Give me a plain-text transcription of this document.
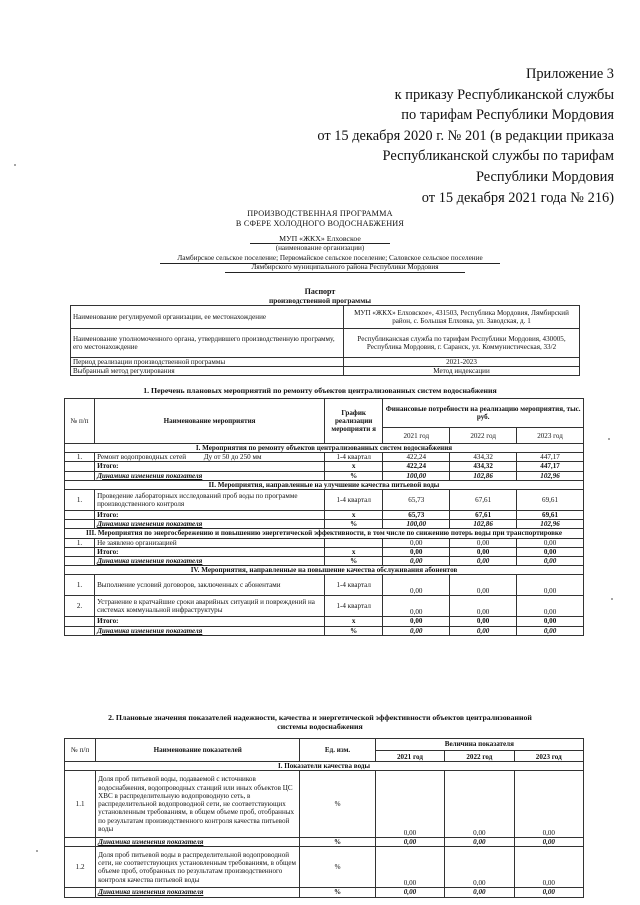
Приложение 3
к приказу Республиканской службы
по тарифам Республики Мордовия
от 15 декабря 2020 г. № 201 (в редакции приказа
Республиканской службы по тарифам
Республики Мордовия
от 15 декабря 2021 года № 216)
ПРОИЗВОДСТВЕННАЯ ПРОГРАММА
В СФЕРЕ ХОЛОДНОГО ВОДОСНАБЖЕНИЯ
МУП «ЖКХ» Елховское
(наименование организации)
Ламбирское сельское поселение; Первомайское сельское поселение; Саловское сельское поселение
Лямбирского муниципального района Республики Мордовия
Паспорт
производственной программы
Наименование регулируемой организации, ее местонахождение	МУП «ЖКХ» Елховское», 431503, Республика Мордовия, Лямбирский район, с. Большая Елховка, ул. Заводская, д. 1
Наименование уполномоченного органа, утвердившего производственную программу, его местонахождение	Республиканская служба по тарифам Республики Мордовия, 430005, Республика Мордовия, г. Саранск, ул. Коммунистическая, 33/2
Период реализации производственной программы	2021-2023
Выбранный метод регулирования	Метод индексации
1. Перечень плановых мероприятий по ремонту объектов централизованных систем водоснабжения
№ п/п	Наименование мероприятия	График реализации мероприяти я	Финансовые потребности на реализацию мероприятия, тыс. руб.		
			2021 год	2022 год	2023 год
I. Мероприятия по ремонту объектов централизованных систем водоснабжения					
1.	Ремонт водопроводных сетей          Ду от 50 до 250 мм	1-4 квартал	422,24	434,32	447,17
	Итого:	х	422,24	434,32	447,17
	Динамика изменения показателя	%	100,00	102,86	102,96
II. Мероприятия, направленные на улучшение качества питьевой воды					
1.	Проведение лабораторных исследований проб воды по программе производственного контроля	1-4 квартал	65,73	67,61	69,61
	Итого:	х	65,73	67,61	69,61
	Динамика изменения показателя	%	100,00	102,86	102,96
III. Мероприятия по энергосбережению и повышению энергетической эффективности, в том числе по снижению потерь воды при транспортировке					
1.	Не заявлено организацией		0,00	0,00	0,00
	Итого:	х	0,00	0,00	0,00
	Динамика изменения показателя	%	0,00	0,00	0,00
IV. Мероприятия, направленные на повышение качества обслуживания абонентов					
1.	Выполнение условий договоров, заключенных с абонентами	1-4 квартал	0,00	0,00	0,00
2.	Устранение в кратчайшие сроки аварийных ситуаций и повреждений на системах коммунальной инфраструктуры	1-4 квартал	0,00	0,00	0,00
	Итого:	х	0,00	0,00	0,00
	Динамика изменения показателя	%	0,00	0,00	0,00
2. Плановые значения показателей надежности, качества и энергетической эффективности объектов централизованной
системы водоснабжения
№ п/п	Наименование показателей	Ед. изм.	Величина показателя		
			2021 год	2022 год	2023 год
I. Показатели качества воды					
1.1	Доля проб питьевой воды, подаваемой с источников водоснабжения, водопроводных станций или иных объектов ЦС ХВС в распределительную водопроводную сеть, в распределительной водопроводной сети, не соответствующих установленным требованиям, в общем объеме проб, отобранных по результатам производственного контроля качества питьевой воды	%	0,00	0,00	0,00
	Динамика изменения показателя	%	0,00	0,00	0,00
1.2	Доля проб питьевой воды в распределительной водопроводной сети, не соответствующих установленным требованиям, в общем объеме проб, отобранных по результатам производственного контроля качества питьевой воды	%	0,00	0,00	0,00
	Динамика изменения показателя	%	0,00	0,00	0,00
